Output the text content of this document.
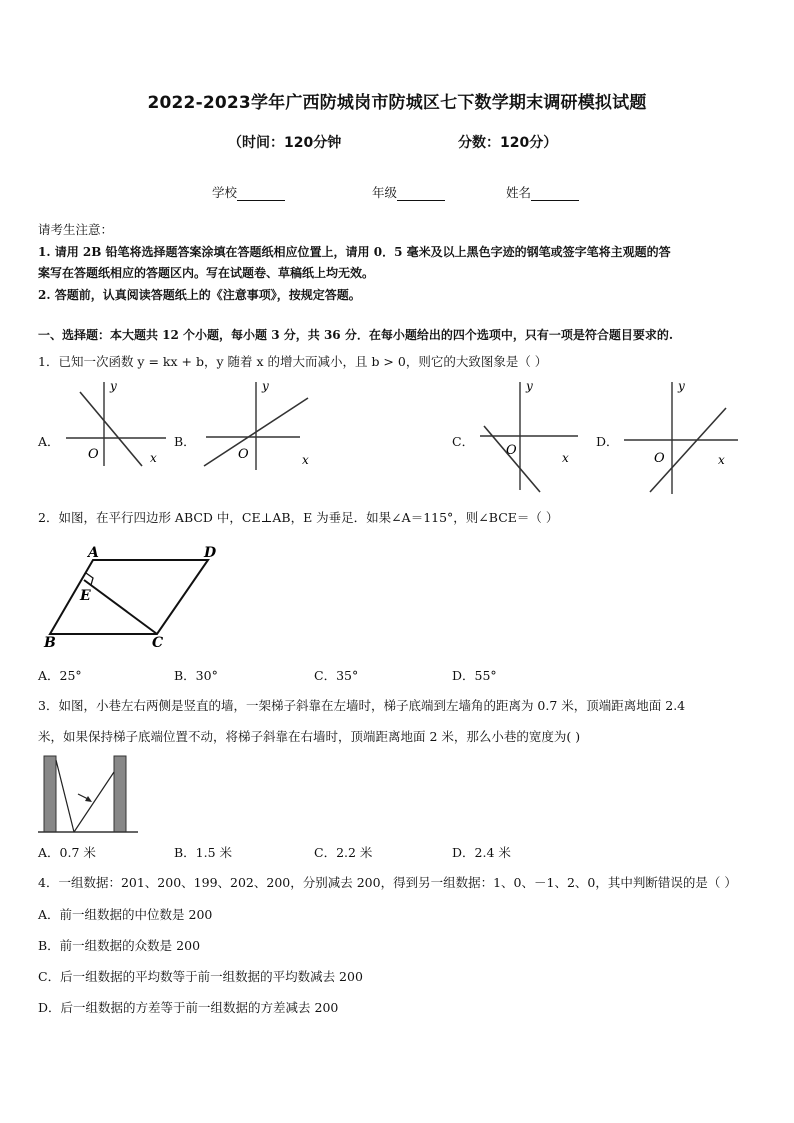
2022-2023学年广西防城岗市防城区七下数学期末调研模拟试题
（时间：120分钟	分数：120分）
学校	年级	姓名
请考生注意：
1. 请用 2B 铅笔将选择题答案涂填在答题纸相应位置上，请用 0．5 毫米及以上黑色字迹的钢笔或签字笔将主观题的答
案写在答题纸相应的答题区内。写在试题卷、草稿纸上均无效。
2. 答题前，认真阅读答题纸上的《注意事项》，按规定答题。
一、选择题：本大题共 12 个小题，每小题 3 分，共 36 分．在每小题给出的四个选项中，只有一项是符合题目要求的.
1．已知一次函数 y = kx + b，y 随着 x 的增大而减小，且 b > 0，则它的大致图象是（ ）
A．
y
x
O
B．
y
x
O
C．
y
x
O
D．
y
x
O
2．如图，在平行四边形 ABCD 中，CE⊥AB，E 为垂足．如果∠A＝115°，则∠BCE＝（ ）
A	D
E
B	C
A．25°	B．30°	C．35°	D．55°
3．如图，小巷左右两侧是竖直的墙，一架梯子斜靠在左墙时，梯子底端到左墙角的距离为 0.7 米，顶端距离地面 2.4
米，如果保持梯子底端位置不动，将梯子斜靠在右墙时，顶端距离地面 2 米，那么小巷的宽度为( )
A．0.7 米	B．1.5 米	C．2.2 米	D．2.4 米
4．一组数据：201、200、199、202、200，分别减去 200，得到另一组数据：1、0、－1、2、0，其中判断错误的是（ ）
A．前一组数据的中位数是 200
B．前一组数据的众数是 200
C．后一组数据的平均数等于前一组数据的平均数减去 200
D．后一组数据的方差等于前一组数据的方差减去 200
